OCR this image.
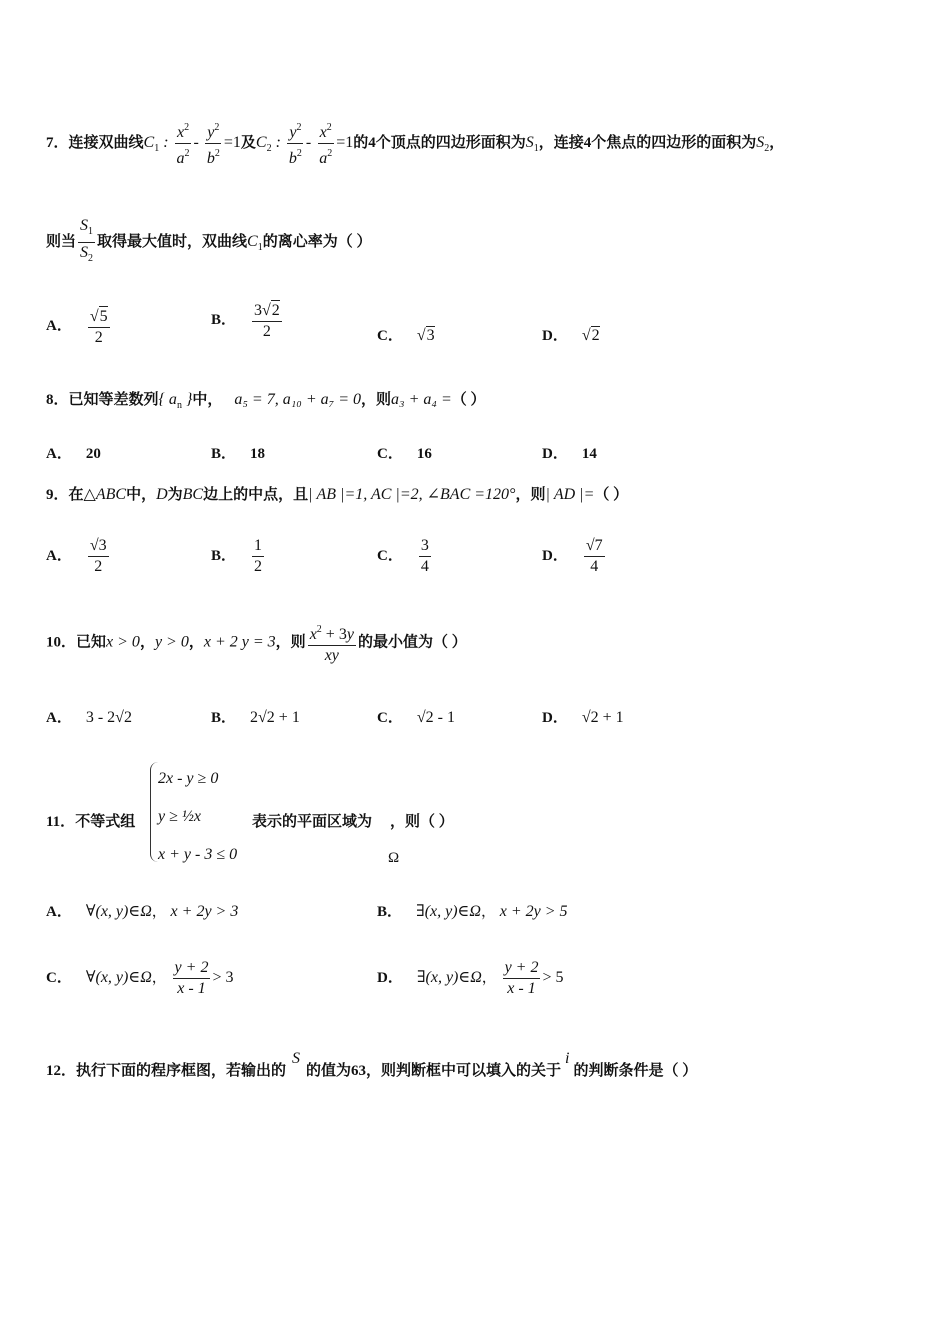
7．连接双曲线$C_1$ : $\frac{x^2}{a^2} - \frac{y^2}{b^2} =1$及$C_2$ : $\frac{y^2}{b^2} - \frac{x^2}{a^2} =1$的4个顶点的四边形面积为$S_1$，连接4个焦点的四边形的面积为$S_2$，
则当 $\frac{S_1}{S_2}$ 取得最大值时，双曲线$C_1$的离心率为（ ）
A． $\frac{√5}{2}$	B． $\frac{3√2}{2}$	C． √3	D． √2
8．已知等差数列{ $a_n$ }中， a₅ = 7, a₁₀ + a₇ = 0，则a₃ + a₄ =（ ）
A． 20	B． 18	C． 16	D． 14
9．在△ABC中，D为BC边上的中点，且| AB |=1, AC |=2, ∠BAC =120°，则| AD |=（ ）
A． $\frac{√3}{2}$	B． $\frac{1}{2}$	C． $\frac{3}{4}$	D． $\frac{√7}{4}$
10．已知x > 0，y > 0，x + 2 y = 3，则 $\frac{x^2 + 3y}{xy}$ 的最小值为（ ）
A． 3 - 2√2	B． 2√2 + 1	C． √2 - 1	D． √2 + 1
11．不等式组
2x - y ≥ 0
y ≥ ½x
x + y - 3 ≤ 0
表示的平面区域为 ，则（ ）
Ω
A． ∀(x, y)∈Ω， x + 2y > 3	B． ∃(x, y)∈Ω， x + 2y > 5
C． ∀(x, y)∈Ω， $\frac{y + 2}{x - 1} > 3$	D． ∃(x, y)∈Ω， $\frac{y + 2}{x - 1} > 5$
12．执行下面的程序框图，若输出的S的值为63，则判断框中可以填入的关于i的判断条件是（ ）
